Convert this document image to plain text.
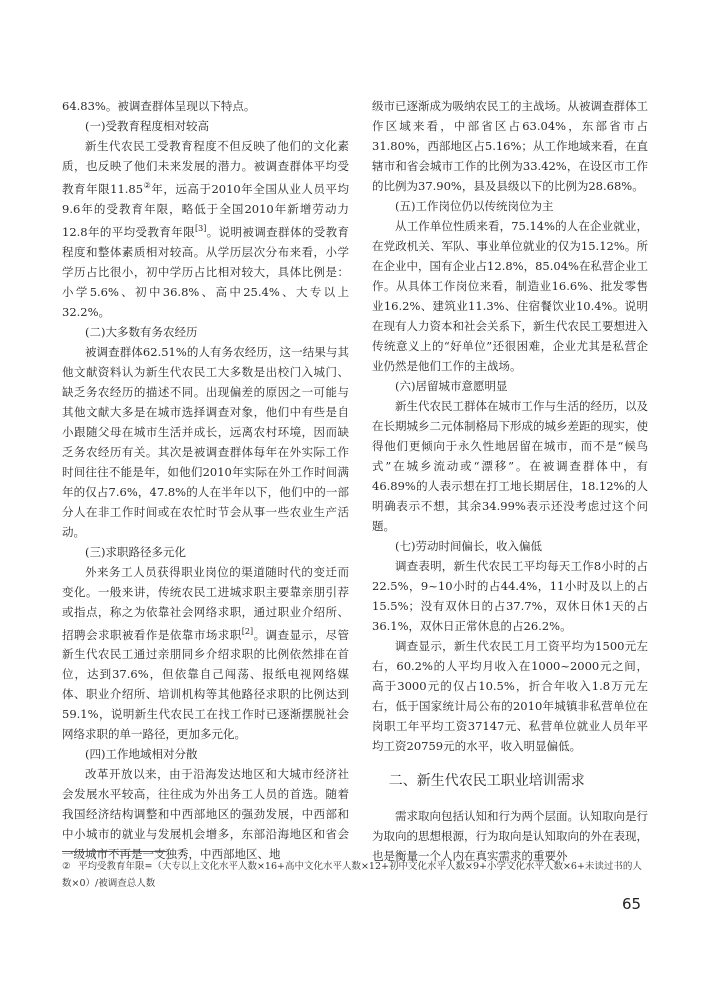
64.83%。被调查群体呈现以下特点。

(一)受教育程度相对较高

新生代农民工受教育程度不但反映了他们的文化素质，也反映了他们未来发展的潜力。被调查群体平均受教育年限11.85②年，远高于2010年全国从业人员平均9.6年的受教育年限，略低于全国2010年新增劳动力12.8年的平均受教育年限[3]。说明被调查群体的受教育程度和整体素质相对较高。从学历层次分布来看，小学学历占比很小，初中学历占比相对较大，具体比例是：小学5.6%、初中36.8%、高中25.4%、大专以上32.2%。

(二)大多数有务农经历

被调查群体62.51%的人有务农经历，这一结果与其他文献资料认为新生代农民工大多数是出校门入城门、缺乏务农经历的描述不同。出现偏差的原因之一可能与其他文献大多是在城市选择调查对象，他们中有些是自小跟随父母在城市生活并成长，远离农村环境，因而缺乏务农经历有关。其次是被调查群体每年在外实际工作时间往往不能是年，如他们2010年实际在外工作时间满年的仅占7.6%，47.8%的人在半年以下，他们中的一部分人在非工作时间或在农忙时节会从事一些农业生产活动。

(三)求职路径多元化

外来务工人员获得职业岗位的渠道随时代的变迁而变化。一般来讲，传统农民工进城求职主要靠亲朋引荐或指点，称之为依靠社会网络求职，通过职业介绍所、招聘会求职被看作是依靠市场求职[2]。调查显示，尽管新生代农民工通过亲朋同乡介绍求职的比例依然排在首位，达到37.6%，但依靠自己闯荡、报纸电视网络媒体、职业介绍所、培训机构等其他路径求职的比例达到59.1%，说明新生代农民工在找工作时已逐渐摆脱社会网络求职的单一路径，更加多元化。

(四)工作地域相对分散

改革开放以来，由于沿海发达地区和大城市经济社会发展水平较高，往往成为外出务工人员的首选。随着我国经济结构调整和中西部地区的强劲发展，中西部和中小城市的就业与发展机会增多，东部沿海地区和省会一级城市不再是一支独秀，中西部地区、地

级市已逐渐成为吸纳农民工的主战场。从被调查群体工作区域来看，中部省区占63.04%，东部省市占31.80%，西部地区占5.16%；从工作地域来看，在直辖市和省会城市工作的比例为33.42%，在设区市工作的比例为37.90%，县及县级以下的比例为28.68%。

(五)工作岗位仍以传统岗位为主

从工作单位性质来看，75.14%的人在企业就业，在党政机关、军队、事业单位就业的仅为15.12%。所在企业中，国有企业占12.8%，85.04%在私营企业工作。从具体工作岗位来看，制造业16.6%、批发零售业16.2%、建筑业11.3%、住宿餐饮业10.4%。说明在现有人力资本和社会关系下，新生代农民工要想进入传统意义上的“好单位”还很困难，企业尤其是私营企业仍然是他们工作的主战场。

(六)居留城市意愿明显

新生代农民工群体在城市工作与生活的经历，以及在长期城乡二元体制格局下形成的城乡差距的现实，使得他们更倾向于永久性地居留在城市，而不是“候鸟式”在城乡流动或“漂移”。在被调查群体中，有46.89%的人表示想在打工地长期居住，18.12%的人明确表示不想，其余34.99%表示还没考虑过这个问题。

(七)劳动时间偏长，收入偏低

调查表明，新生代农民工平均每天工作8小时的占22.5%，9~10小时的占44.4%，11小时及以上的占15.5%；没有双休日的占37.7%，双休日休1天的占36.1%，双休日正常休息的占26.2%。

调查显示，新生代农民工月工资平均为1500元左右，60.2%的人平均月收入在1000~2000元之间，高于3000元的仅占10.5%，折合年收入1.8万元左右，低于国家统计局公布的2010年城镇非私营单位在岗职工年平均工资37147元、私营单位就业人员年平均工资20759元的水平，收入明显偏低。

二、新生代农民工职业培训需求

需求取向包括认知和行为两个层面。认知取向是行为取向的思想根源，行为取向是认知取向的外在表现，也是衡量一个人内在真实需求的重要外

② 平均受教育年限=（大专以上文化水平人数×16+高中文化水平人数×12+初中文化水平人数×9+小学文化水平人数×6+未读过书的人数×0）/被调查总人数
65
